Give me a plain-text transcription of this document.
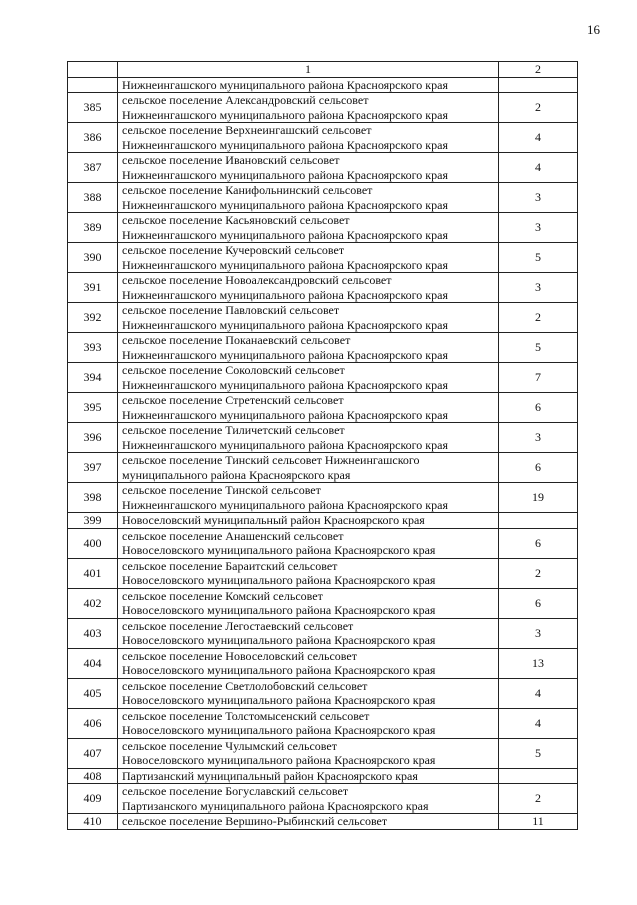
16
	1	2

	Нижнеингашского муниципального района Красноярского края	

385	сельское поселение Александровский сельсовет
Нижнеингашского муниципального района Красноярского края	2
386	сельское поселение Верхнеингашский сельсовет
Нижнеингашского муниципального района Красноярского края	4
387	сельское поселение Ивановский сельсовет
Нижнеингашского муниципального района Красноярского края	4
388	сельское поселение Канифольнинский сельсовет
Нижнеингашского муниципального района Красноярского края	3
389	сельское поселение Касьяновский сельсовет
Нижнеингашского муниципального района Красноярского края	3
390	сельское поселение Кучеровский сельсовет
Нижнеингашского муниципального района Красноярского края	5
391	сельское поселение Новоалександровский сельсовет
Нижнеингашского муниципального района Красноярского края	3
392	сельское поселение Павловский сельсовет
Нижнеингашского муниципального района Красноярского края	2
393	сельское поселение Поканаевский сельсовет
Нижнеингашского муниципального района Красноярского края	5
394	сельское поселение Соколовский сельсовет
Нижнеингашского муниципального района Красноярского края	7
395	сельское поселение Стретенский сельсовет
Нижнеингашского муниципального района Красноярского края	6
396	сельское поселение Тиличетский сельсовет
Нижнеингашского муниципального района Красноярского края	3
397	сельское поселение Тинский сельсовет Нижнеингашского
муниципального района Красноярского края	6
398	сельское поселение Тинской сельсовет
Нижнеингашского муниципального района Красноярского края	19
399	Новоселовский муниципальный район Красноярского края	

400	сельское поселение Анашенский сельсовет
Новоселовского муниципального района Красноярского края	6
401	сельское поселение Бараитский сельсовет
Новоселовского муниципального района Красноярского края	2
402	сельское поселение Комский сельсовет
Новоселовского муниципального района Красноярского края	6
403	сельское поселение Легостаевский сельсовет
Новоселовского муниципального района Красноярского края	3
404	сельское поселение Новоселовский сельсовет
Новоселовского муниципального района Красноярского края	13
405	сельское поселение Светлолобовский сельсовет
Новоселовского муниципального района Красноярского края	4
406	сельское поселение Толстомысенский сельсовет
Новоселовского муниципального района Красноярского края	4
407	сельское поселение Чулымский сельсовет
Новоселовского муниципального района Красноярского края	5
408	Партизанский муниципальный район Красноярского края	

409	сельское поселение Богуславский сельсовет
Партизанского муниципального района Красноярского края	2
410	сельское поселение Вершино-Рыбинский сельсовет	11
